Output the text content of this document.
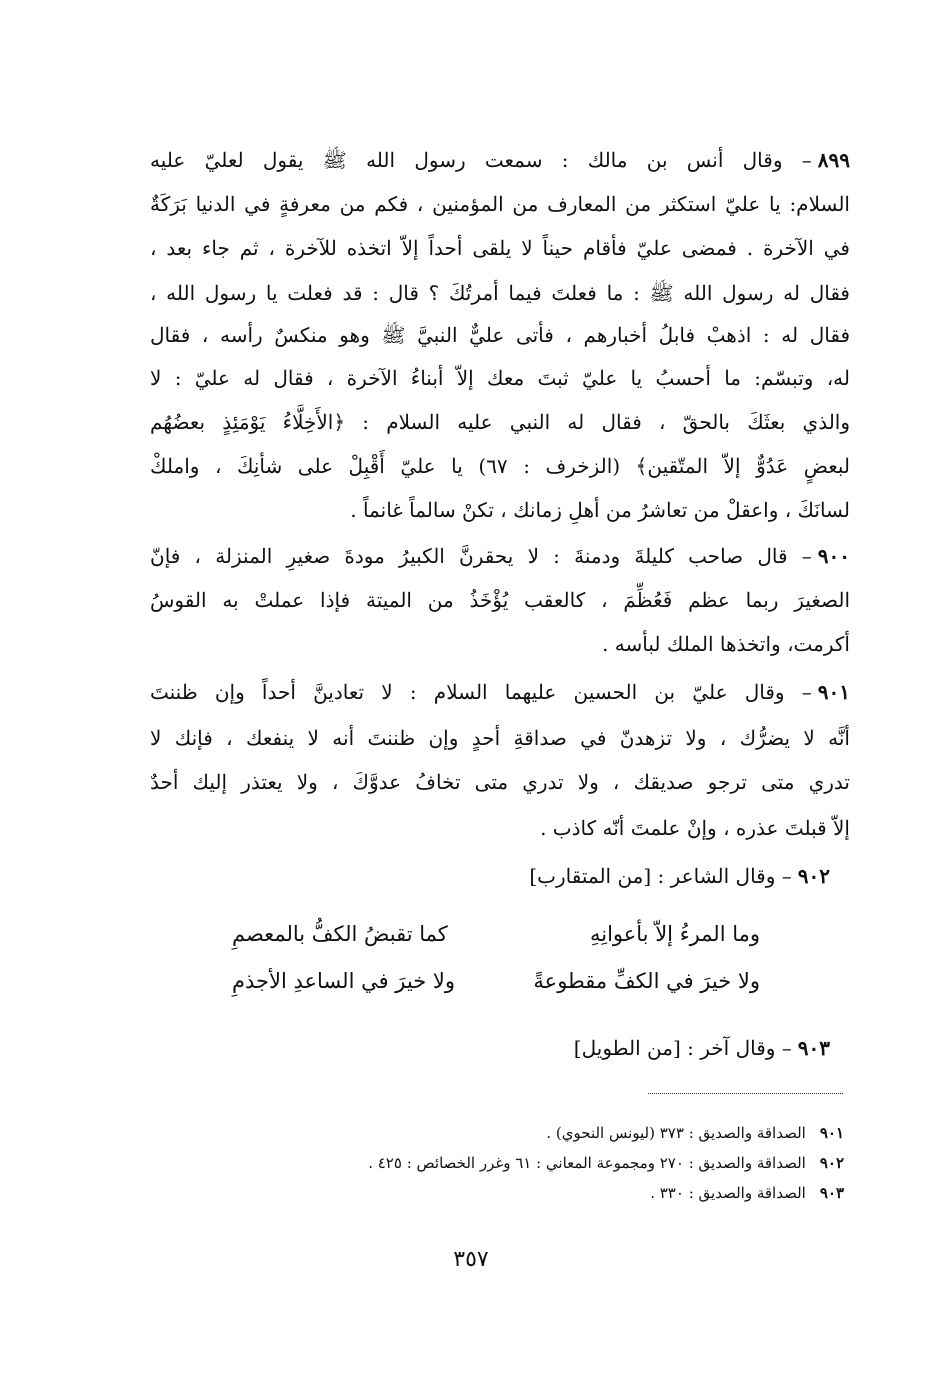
٨٩٩– وقال أنس بن مالك : سمعت رسول الله ﷺ يقول لعليّ عليه
السلام: يا عليّ استكثر من المعارف من المؤمنين ، فكم من معرفةٍ في الدنيا بَرَكَةٌ
في الآخرة . فمضى عليّ فأقام حيناً لا يلقى أحداً إلاّ اتخذه للآخرة ، ثم جاء بعد ،
فقال له رسول الله ﷺ : ما فعلتَ فيما أمرتُكَ ؟ قال : قد فعلت يا رسول الله ،
فقال له : اذهبْ فابلُ أخبارهم ، فأتى عليٌّ النبيَّ ﷺ وهو منكسٌ رأسه ، فقال
له، وتبسّم: ما أحسبُ يا عليّ ثبتَ معك إلاّ أبناءُ الآخرة ، فقال له عليّ : لا
والذي بعثَكَ بالحقّ ، فقال له النبي عليه السلام : ﴿الأَخِلَّاءُ يَوْمَئِذٍ بعضُهُم
لبعضٍ عَدُوٌّ إلاّ المتّقين﴾ (الزخرف : ٦٧) يا عليّ أَقْبِلْ على شأنِكَ ، واملكْ
لسانَكَ ، واعقلْ من تعاشرُ من أهلِ زمانك ، تكنْ سالماً غانماً .
٩٠٠– قال صاحب كليلةَ ودمنةَ : لا يحقرنَّ الكبيرُ مودةَ صغيرِ المنزلة ، فإنّ
الصغيرَ ربما عظم فَعُظِّمَ ، كالعقب يُؤْخَذُ من الميتة فإذا عملتْ به القوسُ
أكرمت، واتخذها الملك لبأسه .
٩٠١– وقال عليّ بن الحسين عليهما السلام : لا تعادينَّ أحداً وإن ظننتَ
أنَّه لا يضرُّك ، ولا تزهدنّ في صداقةِ أحدٍ وإن ظننتَ أنه لا ينفعك ، فإنك لا
تدري متى ترجو صديقك ، ولا تدري متى تخافُ عدوَّكَ ، ولا يعتذر إليك أحدٌ
إلاّ قبلتَ عذره ، وإنْ علمتَ أنّه كاذب .
٩٠٢– وقال الشاعر : [من المتقارب]
وما المرءُ إلاّ بأعوانِهِ
كما تقبضُ الكفُّ بالمعصمِ
ولا خيرَ في الكفِّ مقطوعةً
ولا خيرَ في الساعدِ الأجذمِ
٩٠٣– وقال آخر : [من الطويل]
٩٠١الصداقة والصديق : ٣٧٣ (ليونس النحوي) .
٩٠٢الصداقة والصديق : ٢٧٠ ومجموعة المعاني : ٦١ وغرر الخصائص : ٤٢٥ .
٩٠٣الصداقة والصديق : ٣٣٠ .
٣٥٧
